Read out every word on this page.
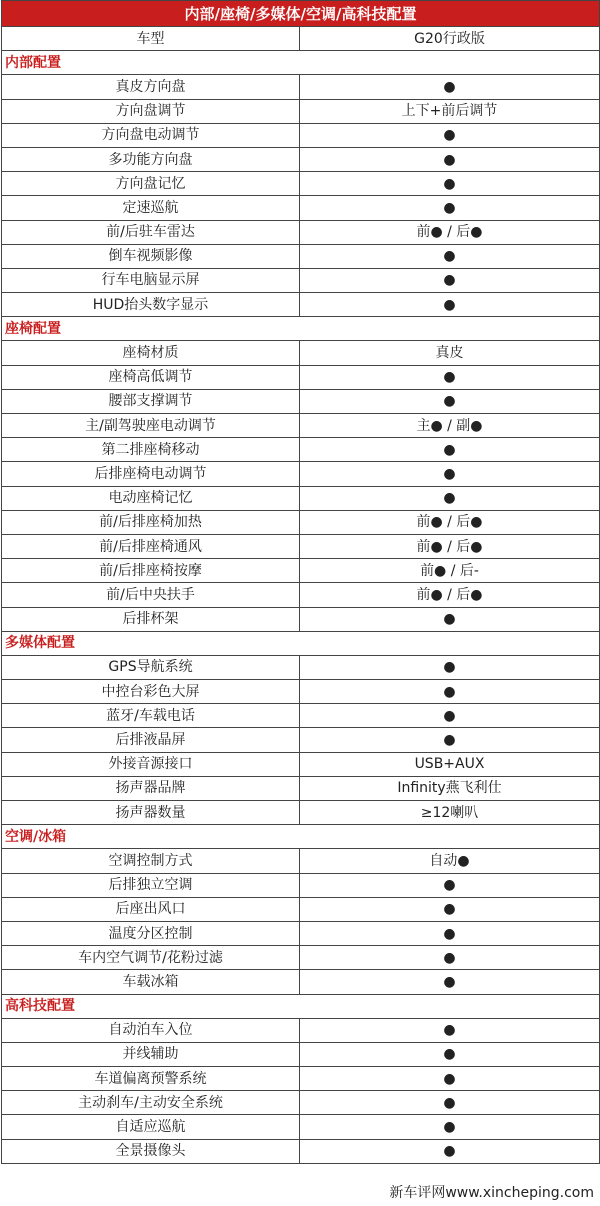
内部/座椅/多媒体/空调/高科技配置	
车型	G20行政版
内部配置	
真皮方向盘	●
方向盘调节	上下+前后调节
方向盘电动调节	●
多功能方向盘	●
方向盘记忆	●
定速巡航	●
前/后驻车雷达	前● / 后●
倒车视频影像	●
行车电脑显示屏	●
HUD抬头数字显示	●
座椅配置	
座椅材质	真皮
座椅高低调节	●
腰部支撑调节	●
主/副驾驶座电动调节	主● / 副●
第二排座椅移动	●
后排座椅电动调节	●
电动座椅记忆	●
前/后排座椅加热	前● / 后●
前/后排座椅通风	前● / 后●
前/后排座椅按摩	前● / 后-
前/后中央扶手	前● / 后●
后排杯架	●
多媒体配置	
GPS导航系统	●
中控台彩色大屏	●
蓝牙/车载电话	●
后排液晶屏	●
外接音源接口	USB+AUX
扬声器品牌	Infinity燕飞利仕
扬声器数量	≥12喇叭
空调/冰箱	
空调控制方式	自动●
后排独立空调	●
后座出风口	●
温度分区控制	●
车内空气调节/花粉过滤	●
车载冰箱	●
高科技配置	
自动泊车入位	●
并线辅助	●
车道偏离预警系统	●
主动刹车/主动安全系统	●
自适应巡航	●
全景摄像头	●
新车评网www.xincheping.com
